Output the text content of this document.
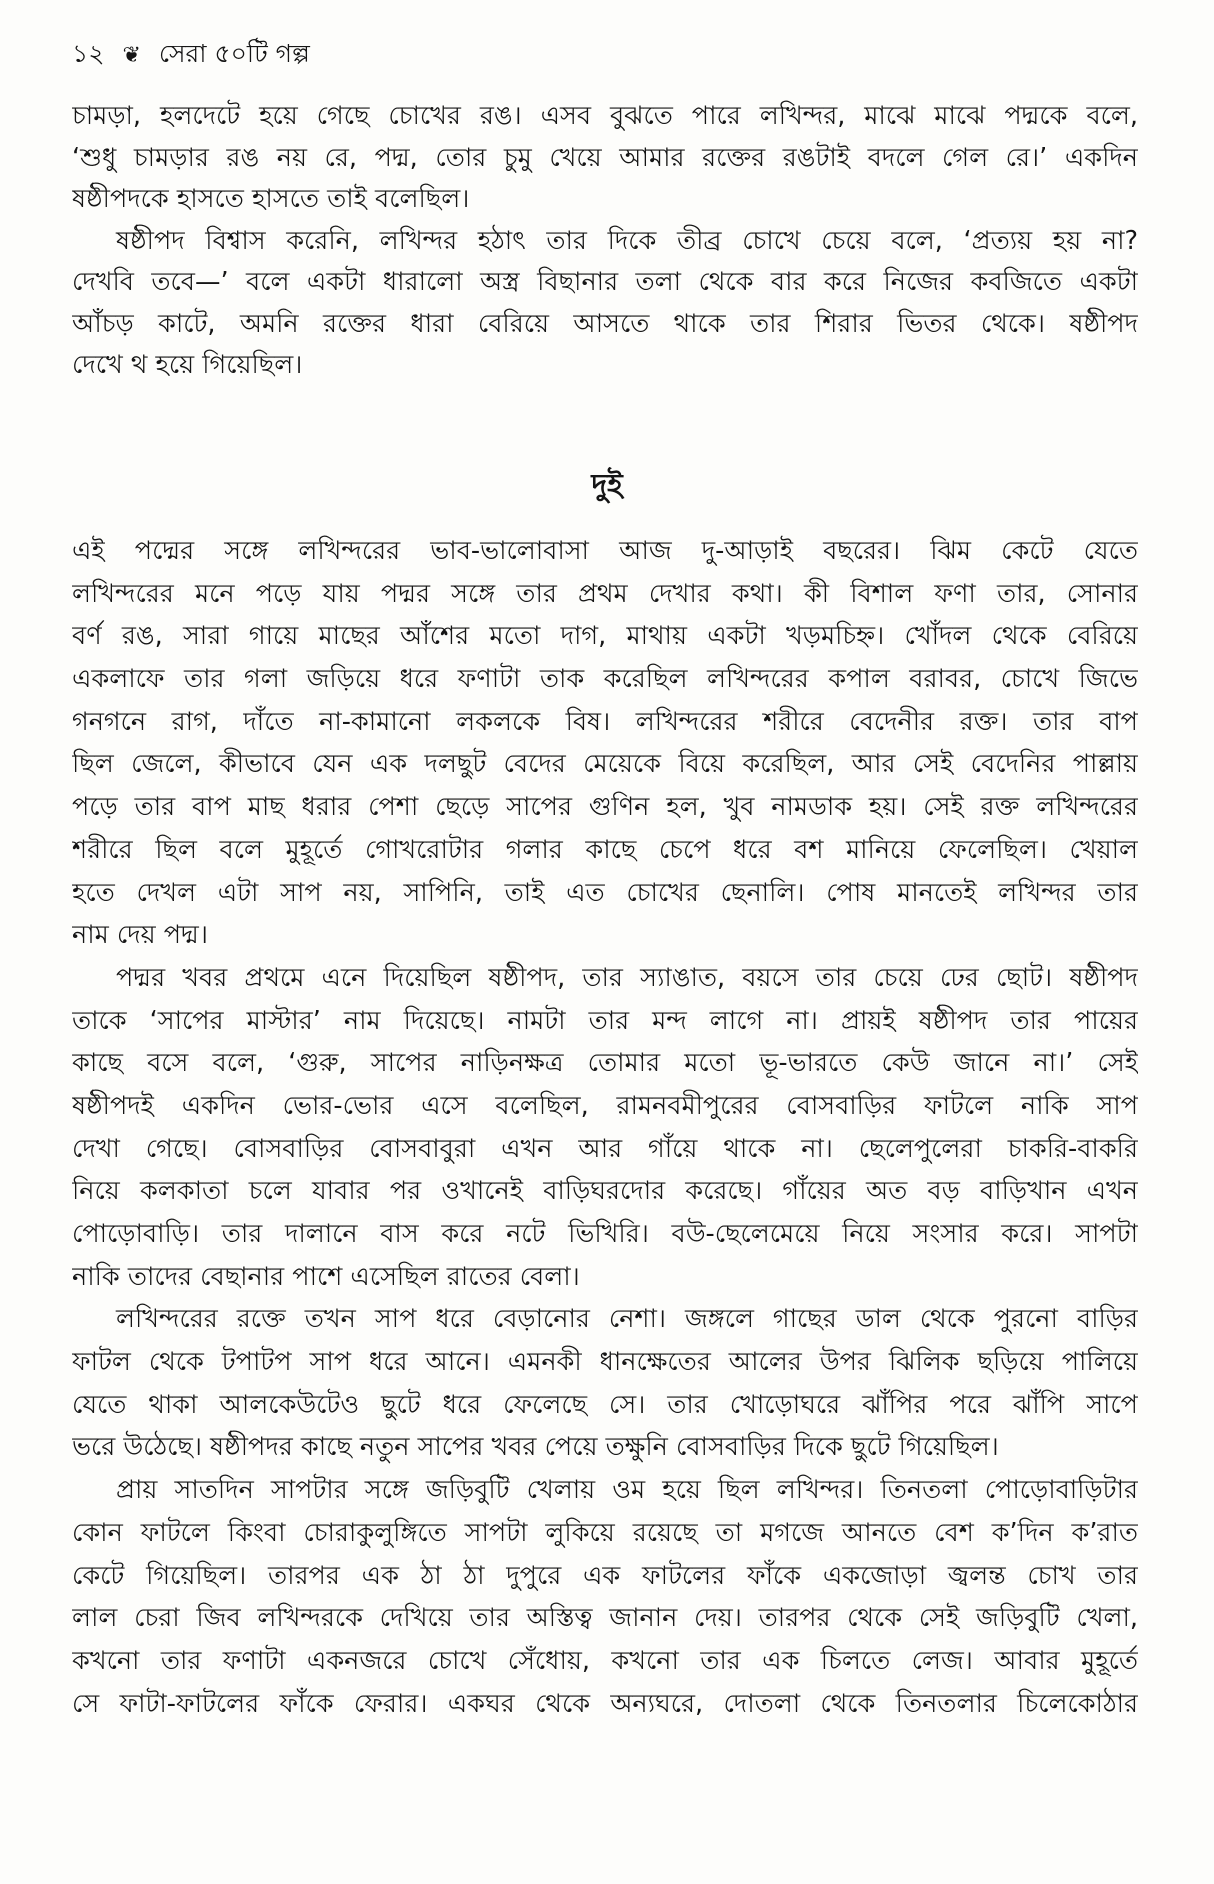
১২ ❦ সেরা ৫০টি গল্প
চামড়া, হলদেটে হয়ে গেছে চোখের রঙ। এসব বুঝতে পারে লখিন্দর, মাঝে মাঝে পদ্মকে বলে,
‘শুধু চামড়ার রঙ নয় রে, পদ্ম, তোর চুমু খেয়ে আমার রক্তের রঙটাই বদলে গেল রে।’ একদিন
ষষ্ঠীপদকে হাসতে হাসতে তাই বলেছিল।
ষষ্ঠীপদ বিশ্বাস করেনি, লখিন্দর হঠাৎ তার দিকে তীব্র চোখে চেয়ে বলে, ‘প্রত্যয় হয় না?
দেখবি তবে—’ বলে একটা ধারালো অস্ত্র বিছানার তলা থেকে বার করে নিজের কবজিতে একটা
আঁচড় কাটে, অমনি রক্তের ধারা বেরিয়ে আসতে থাকে তার শিরার ভিতর থেকে। ষষ্ঠীপদ
দেখে থ হয়ে গিয়েছিল।
দুই
এই পদ্মের সঙ্গে লখিন্দরের ভাব-ভালোবাসা আজ দু-আড়াই বছরের। ঝিম কেটে যেতে
লখিন্দরের মনে পড়ে যায় পদ্মর সঙ্গে তার প্রথম দেখার কথা। কী বিশাল ফণা তার, সোনার
বর্ণ রঙ, সারা গায়ে মাছের আঁশের মতো দাগ, মাথায় একটা খড়মচিহ্ন। খোঁদল থেকে বেরিয়ে
একলাফে তার গলা জড়িয়ে ধরে ফণাটা তাক করেছিল লখিন্দরের কপাল বরাবর, চোখে জিভে
গনগনে রাগ, দাঁতে না-কামানো লকলকে বিষ। লখিন্দরের শরীরে বেদেনীর রক্ত। তার বাপ
ছিল জেলে, কীভাবে যেন এক দলছুট বেদের মেয়েকে বিয়ে করেছিল, আর সেই বেদেনির পাল্লায়
পড়ে তার বাপ মাছ ধরার পেশা ছেড়ে সাপের গুণিন হল, খুব নামডাক হয়। সেই রক্ত লখিন্দরের
শরীরে ছিল বলে মুহূর্তে গোখরোটার গলার কাছে চেপে ধরে বশ মানিয়ে ফেলেছিল। খেয়াল
হতে দেখল এটা সাপ নয়, সাপিনি, তাই এত চোখের ছেনালি। পোষ মানতেই লখিন্দর তার
নাম দেয় পদ্ম।
পদ্মর খবর প্রথমে এনে দিয়েছিল ষষ্ঠীপদ, তার স্যাঙাত, বয়সে তার চেয়ে ঢের ছোট। ষষ্ঠীপদ
তাকে ‘সাপের মাস্টার’ নাম দিয়েছে। নামটা তার মন্দ লাগে না। প্রায়ই ষষ্ঠীপদ তার পায়ের
কাছে বসে বলে, ‘গুরু, সাপের নাড়িনক্ষত্র তোমার মতো ভূ-ভারতে কেউ জানে না।’ সেই
ষষ্ঠীপদই একদিন ভোর-ভোর এসে বলেছিল, রামনবমীপুরের বোসবাড়ির ফাটলে নাকি সাপ
দেখা গেছে। বোসবাড়ির বোসবাবুরা এখন আর গাঁয়ে থাকে না। ছেলেপুলেরা চাকরি-বাকরি
নিয়ে কলকাতা চলে যাবার পর ওখানেই বাড়িঘরদোর করেছে। গাঁয়ের অত বড় বাড়িখান এখন
পোড়োবাড়ি। তার দালানে বাস করে নটে ভিখিরি। বউ-ছেলেমেয়ে নিয়ে সংসার করে। সাপটা
নাকি তাদের বেছানার পাশে এসেছিল রাতের বেলা।
লখিন্দরের রক্তে তখন সাপ ধরে বেড়ানোর নেশা। জঙ্গলে গাছের ডাল থেকে পুরনো বাড়ির
ফাটল থেকে টপাটপ সাপ ধরে আনে। এমনকী ধানক্ষেতের আলের উপর ঝিলিক ছড়িয়ে পালিয়ে
যেতে থাকা আলকেউটেও ছুটে ধরে ফেলেছে সে। তার খোড়োঘরে ঝাঁপির পরে ঝাঁপি সাপে
ভরে উঠেছে। ষষ্ঠীপদর কাছে নতুন সাপের খবর পেয়ে তক্ষুনি বোসবাড়ির দিকে ছুটে গিয়েছিল।
প্রায় সাতদিন সাপটার সঙ্গে জড়িবুটি খেলায় ওম হয়ে ছিল লখিন্দর। তিনতলা পোড়োবাড়িটার
কোন ফাটলে কিংবা চোরাকুলুঙ্গিতে সাপটা লুকিয়ে রয়েছে তা মগজে আনতে বেশ ক’দিন ক’রাত
কেটে গিয়েছিল। তারপর এক ঠা ঠা দুপুরে এক ফাটলের ফাঁকে একজোড়া জ্বলন্ত চোখ তার
লাল চেরা জিব লখিন্দরকে দেখিয়ে তার অস্তিত্ব জানান দেয়। তারপর থেকে সেই জড়িবুটি খেলা,
কখনো তার ফণাটা একনজরে চোখে সেঁধোয়, কখনো তার এক চিলতে লেজ। আবার মুহূর্তে
সে ফাটা-ফাটলের ফাঁকে ফেরার। একঘর থেকে অন্যঘরে, দোতলা থেকে তিনতলার চিলেকোঠার
